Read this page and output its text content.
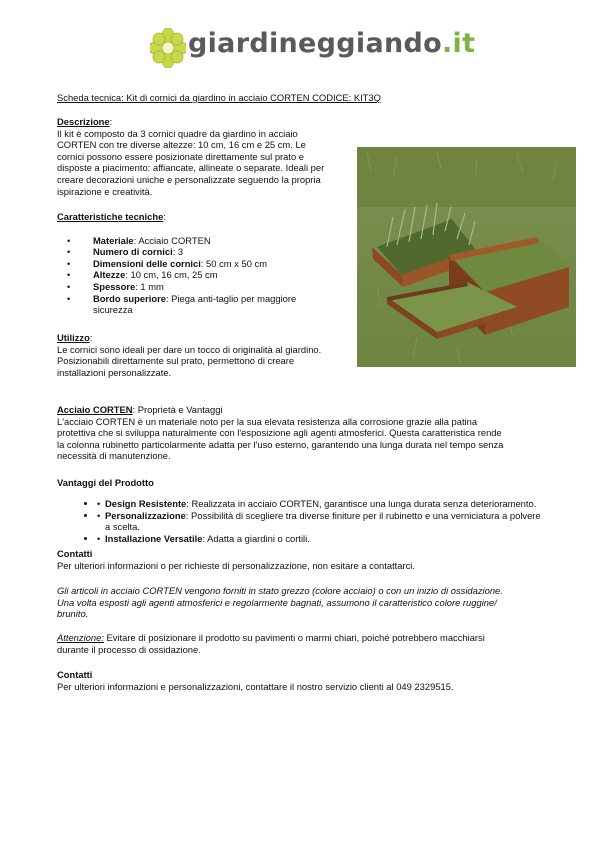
giardineggiando.it
Scheda tecnica: Kit di cornici da giardino in acciaio CORTEN CODICE: KIT3Q
Descrizione:
Il kit è composto da 3 cornici quadre da giardino in acciaio
CORTEN con tre diverse altezze: 10 cm, 16 cm e 25 cm. Le
cornici possono essere posizionate direttamente sul prato e
disposte a piacimento: affiancate, allineate o separate. Ideali per
creare decorazioni uniche e personalizzate seguendo la propria
ispirazione e creatività.
Caratteristiche tecniche:
• Materiale: Acciaio CORTEN
• Numero di cornici: 3
• Dimensioni delle cornici: 50 cm x 50 cm
• Altezze: 10 cm, 16 cm, 25 cm
• Spessore: 1 mm
• Bordo superiore: Piega anti-taglio per maggiore
sicurezza
Utilizzo:
Le cornici sono ideali per dare un tocco di originalità al giardino.
Posizionabili direttamente sul prato, permettono di creare
installazioni personalizzate.
Acciaio CORTEN: Proprietà e Vantaggi
L'acciaio CORTEN è un materiale noto per la sua elevata resistenza alla corrosione grazie alla patina
protettiva che si sviluppa naturalmente con l'esposizione agli agenti atmosferici. Questa caratteristica rende
la colonna rubinetto particolarmente adatta per l'uso esterno, garantendo una lunga durata nel tempo senza
necessità di manutenzione.
Vantaggi del Prodotto
• • Design Resistente: Realizzata in acciaio CORTEN, garantisce una lunga durata senza deterioramento.
• • Personalizzazione: Possibilità di scegliere tra diverse finiture per il rubinetto e una verniciatura a polvere
a scelta.
• • Installazione Versatile: Adatta a giardini o cortili.
Contatti
Per ulteriori informazioni o per richieste di personalizzazione, non esitare a contattarci.
Gli articoli in acciaio CORTEN vengono forniti in stato grezzo (colore acciaio) o con un inizio di ossidazione.
Una volta esposti agli agenti atmosferici e regolarmente bagnati, assumono il caratteristico colore ruggine/
brunito.
Attenzione: Evitare di posizionare il prodotto su pavimenti o marmi chiari, poiché potrebbero macchiarsi
durante il processo di ossidazione.
Contatti
Per ulteriori informazioni e personalizzazioni, contattare il nostro servizio clienti al 049 2329515.
